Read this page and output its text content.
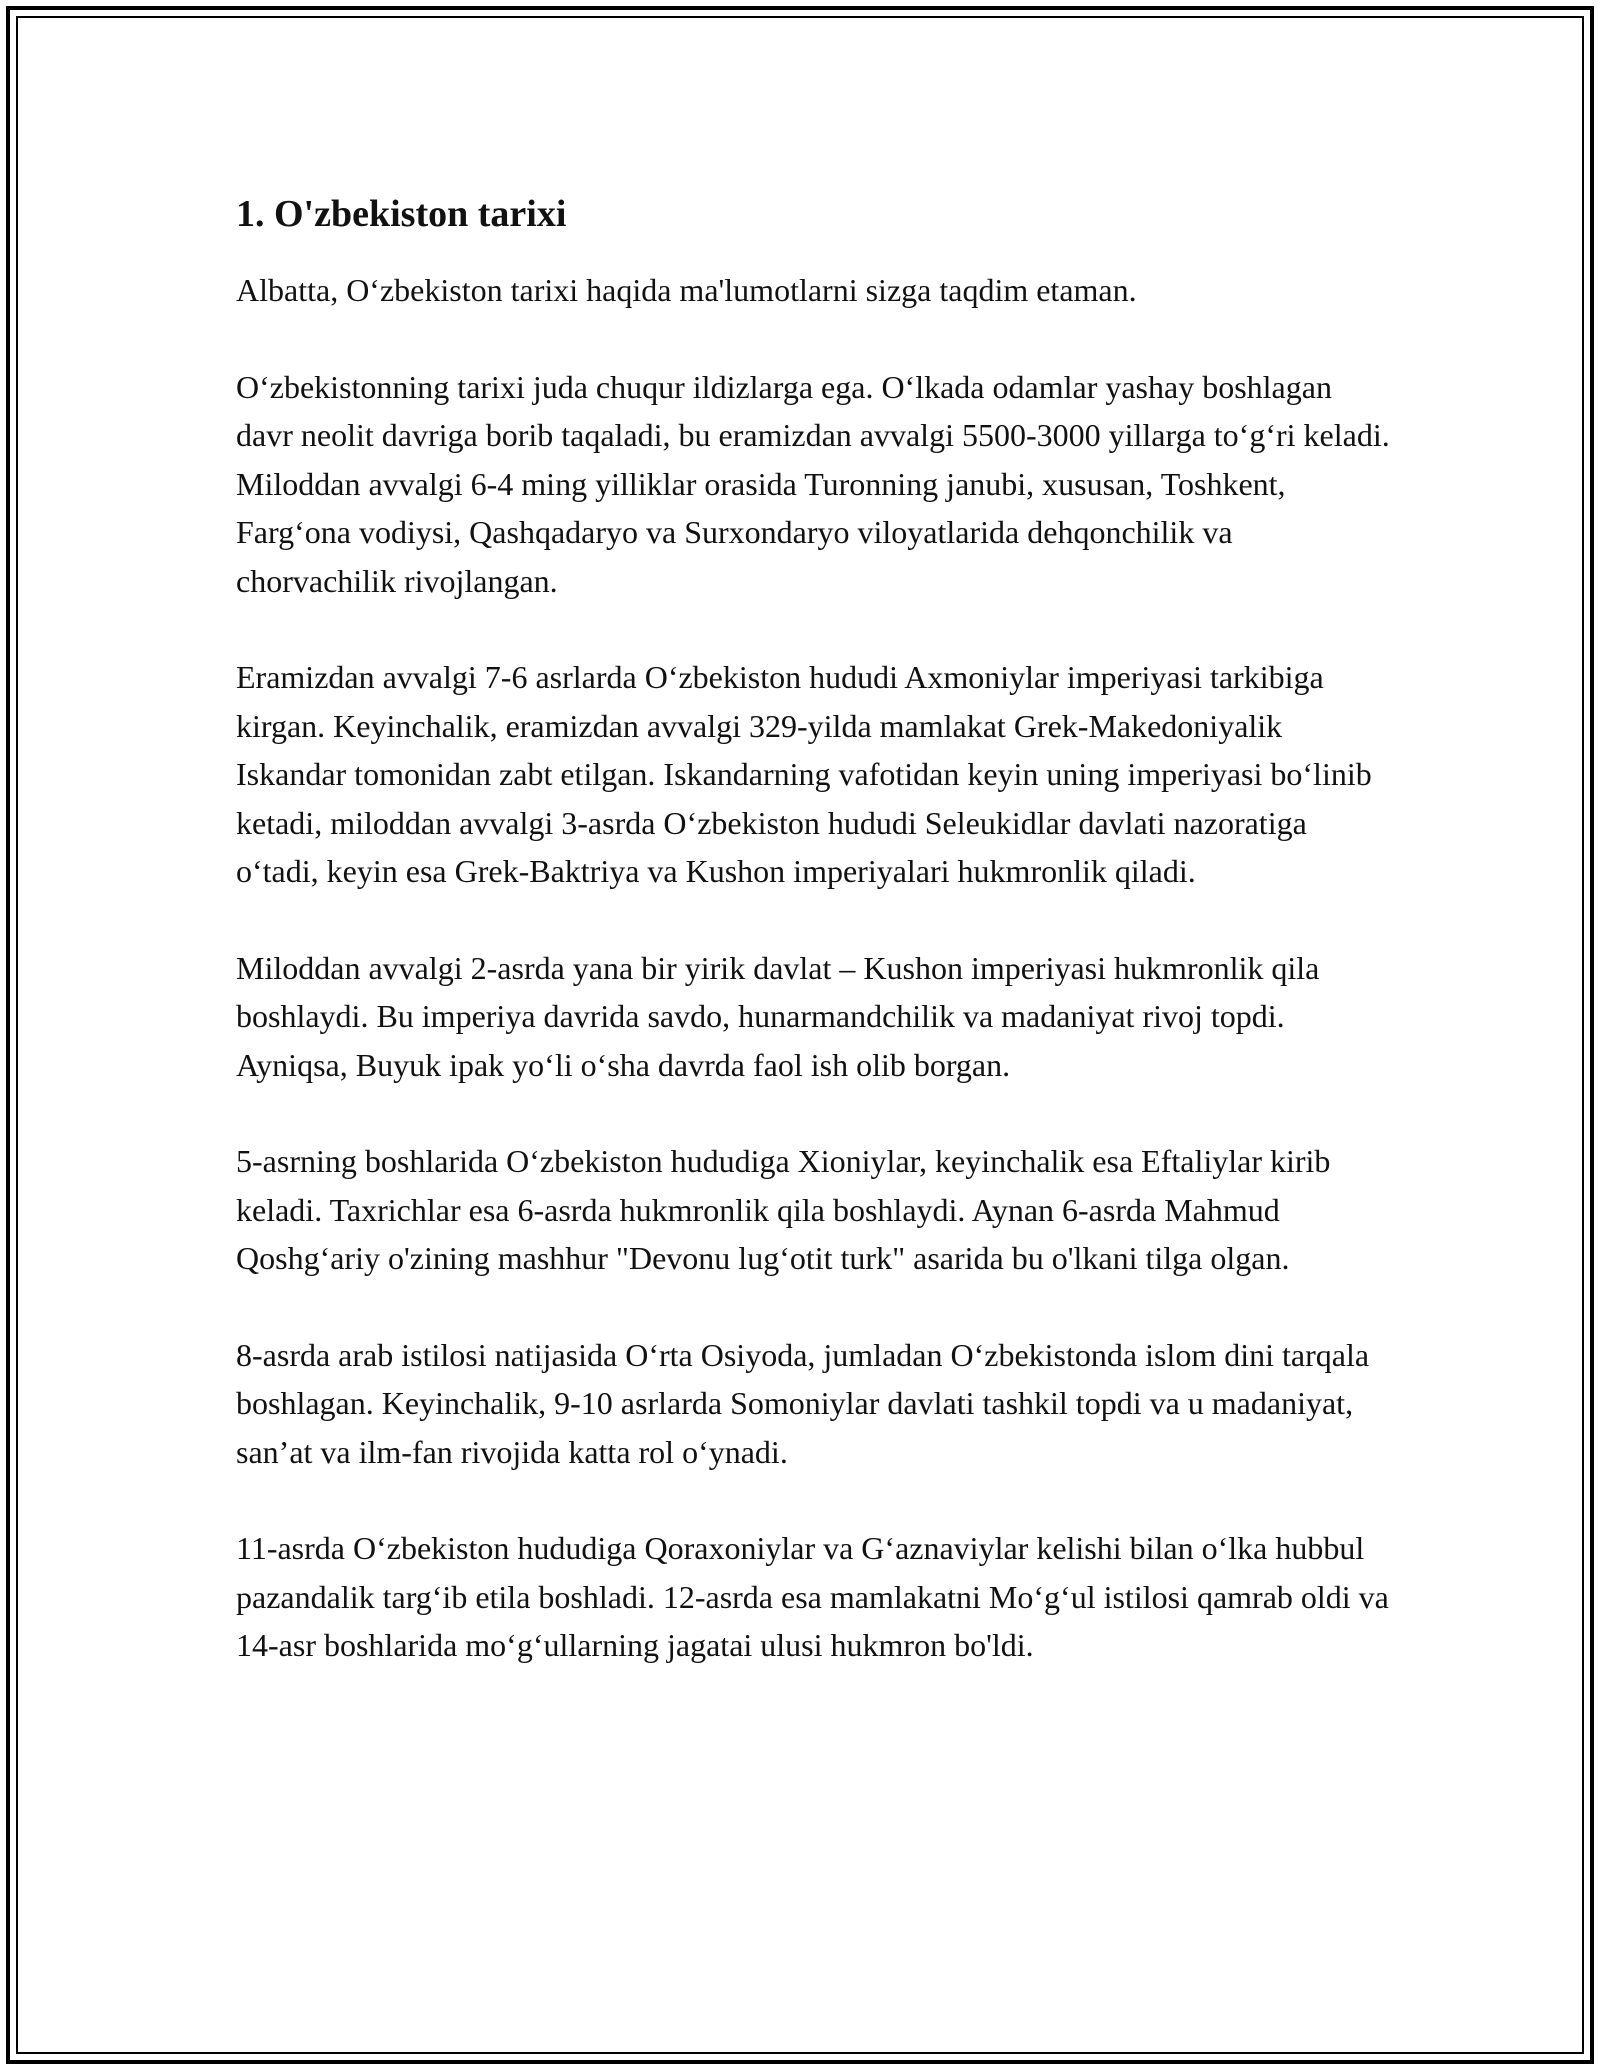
1. O'zbekiston tarixi

Albatta, O‘zbekiston tarixi haqida ma'lumotlarni sizga taqdim etaman.

O‘zbekistonning tarixi juda chuqur ildizlarga ega. O‘lkada odamlar yashay boshlagan davr neolit davriga borib taqaladi, bu eramizdan avvalgi 5500-3000 yillarga to‘g‘ri keladi. Miloddan avvalgi 6-4 ming yilliklar orasida Turonning janubi, xususan, Toshkent, Farg‘ona vodiysi, Qashqadaryo va Surxondaryo viloyatlarida dehqonchilik va chorvachilik rivojlangan.

Eramizdan avvalgi 7-6 asrlarda O‘zbekiston hududi Axmoniylar imperiyasi tarkibiga kirgan. Keyinchalik, eramizdan avvalgi 329-yilda mamlakat Grek-Makedoniyalik Iskandar tomonidan zabt etilgan. Iskandarning vafotidan keyin uning imperiyasi bo‘linib ketadi, miloddan avvalgi 3-asrda O‘zbekiston hududi Seleukidlar davlati nazoratiga o‘tadi, keyin esa Grek-Baktriya va Kushon imperiyalari hukmronlik qiladi.

Miloddan avvalgi 2-asrda yana bir yirik davlat – Kushon imperiyasi hukmronlik qila boshlaydi. Bu imperiya davrida savdo, hunarmandchilik va madaniyat rivoj topdi. Ayniqsa, Buyuk ipak yo‘li o‘sha davrda faol ish olib borgan.

5-asrning boshlarida O‘zbekiston hududiga Xioniylar, keyinchalik esa Eftaliylar kirib keladi. Taxrichlar esa 6-asrda hukmronlik qila boshlaydi. Aynan 6-asrda Mahmud Qoshg‘ariy o'zining mashhur "Devonu lug‘otit turk" asarida bu o'lkani tilga olgan.

8-asrda arab istilosi natijasida O‘rta Osiyoda, jumladan O‘zbekistonda islom dini tarqala boshlagan. Keyinchalik, 9-10 asrlarda Somoniylar davlati tashkil topdi va u madaniyat, san’at va ilm-fan rivojida katta rol o‘ynadi.

11-asrda O‘zbekiston hududiga Qoraxoniylar va G‘aznaviylar kelishi bilan o‘lka hubbul pazandalik targ‘ib etila boshladi. 12-asrda esa mamlakatni Mo‘g‘ul istilosi qamrab oldi va 14-asr boshlarida mo‘g‘ullarning jagatai ulusi hukmron bo'ldi.
